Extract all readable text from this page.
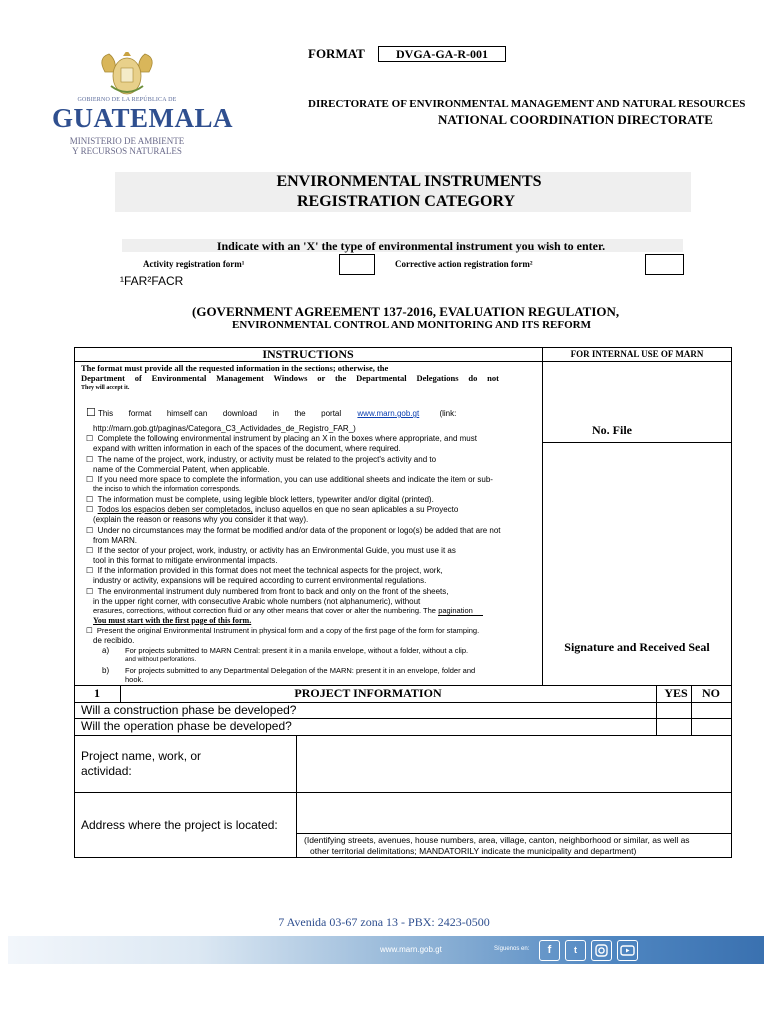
GOBIERNO DE LA REPÚBLICA DE
GUATEMALA
MINISTERIO DE AMBIENTE
Y RECURSOS NATURALES
FORMAT	DVGA-GA-R-001
DIRECTORATE OF ENVIRONMENTAL MANAGEMENT AND NATURAL RESOURCES
NATIONAL COORDINATION DIRECTORATE
ENVIRONMENTAL INSTRUMENTS
REGISTRATION CATEGORY
Indicate with an 'X' the type of environmental instrument you wish to enter.
Activity registration form¹	Corrective action registration form²
¹FAR²FACR
(GOVERNMENT AGREEMENT 137-2016, EVALUATION REGULATION,
ENVIRONMENTAL CONTROL AND MONITORING AND ITS REFORM
INSTRUCTIONS	FOR INTERNAL USE OF MARN
No. File
Signature and Received Seal
The format must provide all the requested information in the sections; otherwise, the
Department of Environmental Management Windows or the Departmental Delegations do not
They will accept it.
☐ This       format       himself can       download       in       the       portal www.marn.gob.gt	(link:
http://marn.gob.gt/paginas/Categora_C3_Actividades_de_Registro_FAR_)
☐ Complete the following environmental instrument by placing an X in the boxes where appropriate, and must
expand with written information in each of the spaces of the document, where required.
☐ The name of the project, work, industry, or activity must be related to the project's activity and to
name of the Commercial Patent, when applicable.
☐ If you need more space to complete the information, you can use additional sheets and indicate the item or sub-
the inciso to which the information corresponds.
☐ The information must be complete, using legible block letters, typewriter and/or digital (printed).
☐ Todos los espacios deben ser completados, incluso aquellos en que no sean aplicables a su Proyecto
(explain the reason or reasons why you consider it that way).
☐ Under no circumstances may the format be modified and/or data of the proponent or logo(s) be added that are not
from MARN.
☐ If the sector of your project, work, industry, or activity has an Environmental Guide, you must use it as
tool in this format to mitigate environmental impacts.
☐ If the information provided in this format does not meet the technical aspects for the project, work,
industry or activity, expansions will be required according to current environmental regulations.
☐ The environmental instrument duly numbered from front to back and only on the front of the sheets,
in the upper right corner, with consecutive Arabic whole numbers (not alphanumeric), without
erasures, corrections, without correction fluid or any other means that cover or alter the numbering. The pagination
You must start with the first page of this form.
☐ Present the original Environmental Instrument in physical form and a copy of the first page of the form for stamping.
de recibido.
a) For projects submitted to MARN Central: present it in a manila envelope, without a folder, without a clip.
and without perforations.
b) For projects submitted to any Departmental Delegation of the MARN: present it in an envelope, folder and
hook.
1	PROJECT INFORMATION	YES	NO
Will a construction phase be developed?
Will the operation phase be developed?
Project name, work, or actividad:
Address where the project is located:
(Identifying streets, avenues, house numbers, area, village, canton, neighborhood or similar, as well as
other territorial delimitations; MANDATORILY indicate the municipality and department)
7 Avenida 03-67 zona 13 - PBX: 2423-0500
www.marn.gob.gt	Síguenos en:	f	t
